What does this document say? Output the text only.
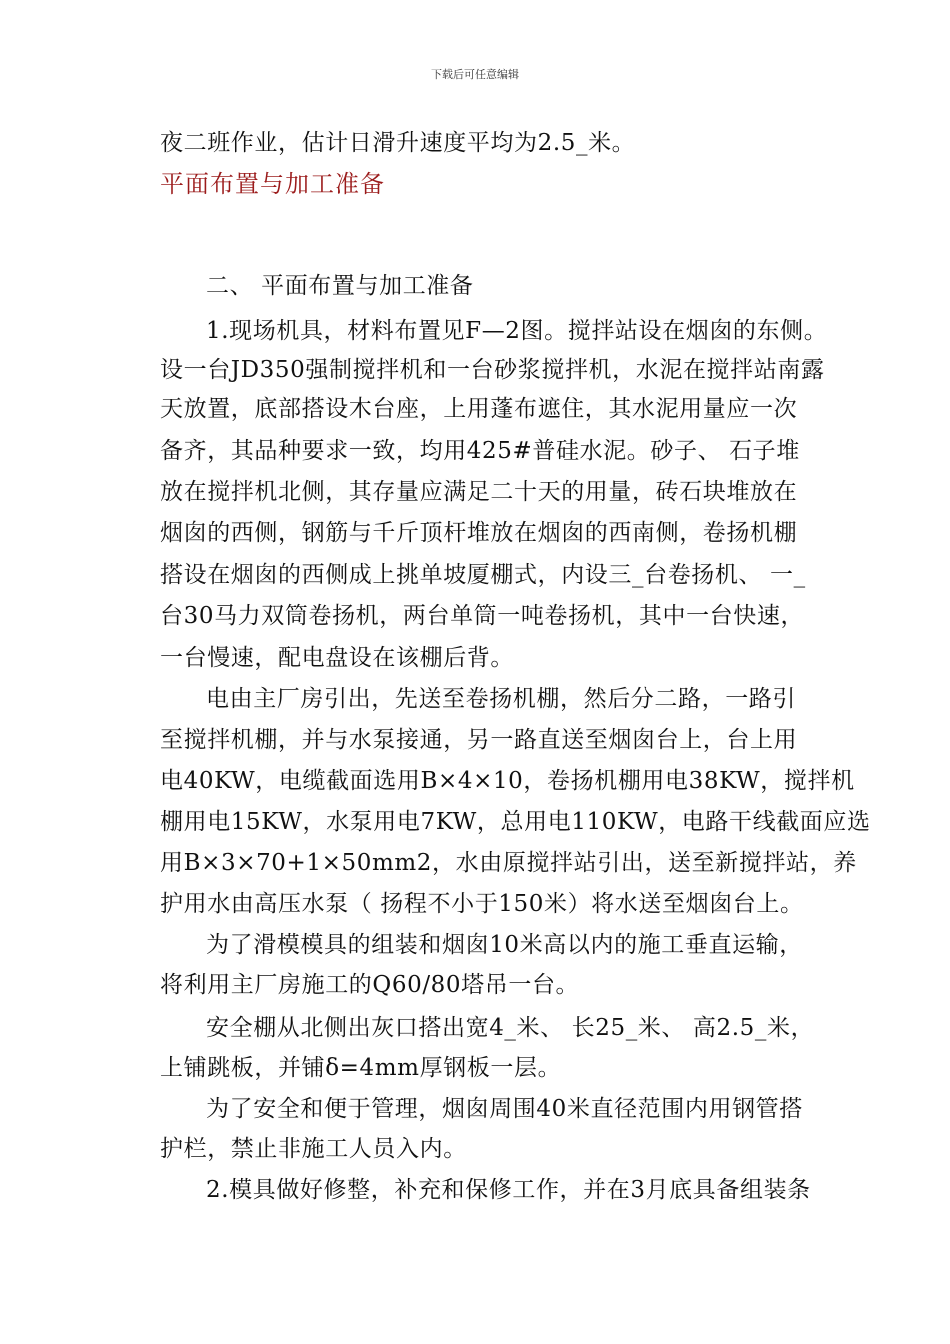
下载后可任意编辑
夜二班作业，估计日滑升速度平均为2.5_米。
平面布置与加工准备
二、 平面布置与加工准备
1.现场机具，材料布置见F—2图。搅拌站设在烟囱的东侧。
设一台JD350强制搅拌机和一台砂浆搅拌机，水泥在搅拌站南露
天放置，底部搭设木台座，上用蓬布遮住，其水泥用量应一次
备齐，其品种要求一致，均用425#普硅水泥。砂子、 石子堆
放在搅拌机北侧，其存量应满足二十天的用量，砖石块堆放在
烟囱的西侧，钢筋与千斤顶杆堆放在烟囱的西南侧，卷扬机棚
搭设在烟囱的西侧成上挑单坡厦棚式，内设三_台卷扬机、 一_
台30马力双筒卷扬机，两台单筒一吨卷扬机，其中一台快速，
一台慢速，配电盘设在该棚后背。
电由主厂房引出，先送至卷扬机棚，然后分二路，一路引
至搅拌机棚，并与水泵接通，另一路直送至烟囱台上，台上用
电40KW，电缆截面选用B×4×10，卷扬机棚用电38KW，搅拌机
棚用电15KW，水泵用电7KW，总用电110KW，电路干线截面应选
用B×3×70+1×50mm2，水由原搅拌站引出，送至新搅拌站，养
护用水由高压水泵（ 扬程不小于150米）将水送至烟囱台上。
为了滑模模具的组装和烟囱10米高以内的施工垂直运输，
将利用主厂房施工的Q60/80塔吊一台。
安全棚从北侧出灰口搭出宽4_米、 长25_米、 高2.5_米，
上铺跳板，并铺δ=4mm厚钢板一层。
为了安全和便于管理，烟囱周围40米直径范围内用钢管搭
护栏，禁止非施工人员入内。
2.模具做好修整，补充和保修工作，并在3月底具备组装条
